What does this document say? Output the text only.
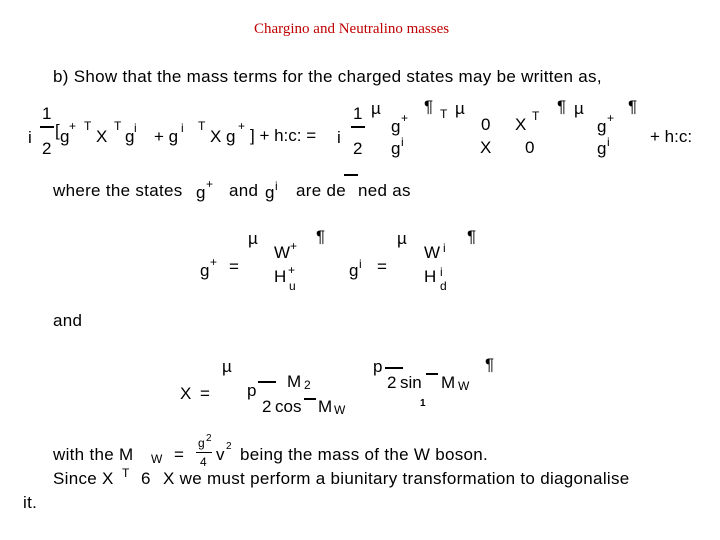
Chargino and Neutralino masses
b) Show that the mass terms for the charged states may be written as,
i
1
2
[ g
+ T
X
T
g i + g i T
X g
+ ] + h:c: = i
1
2
µ
g +
g i
¶ T µ
0 X T
X 0
¶ µ
g +
g i
¶
+ h:c:
where the states g + and g i are de ned as
g + =
µ
W +
H +
u
¶
g i =
µ
W i
H i
d
¶
and
X =
µ
M 2
p
2 cos M W
p
2 sin M W
¶
1
with the M W =
g 2
4 v 2 being the mass of the W boson.
Since X T 6 X we must perform a biunitary transformation to diagonalise
it.
